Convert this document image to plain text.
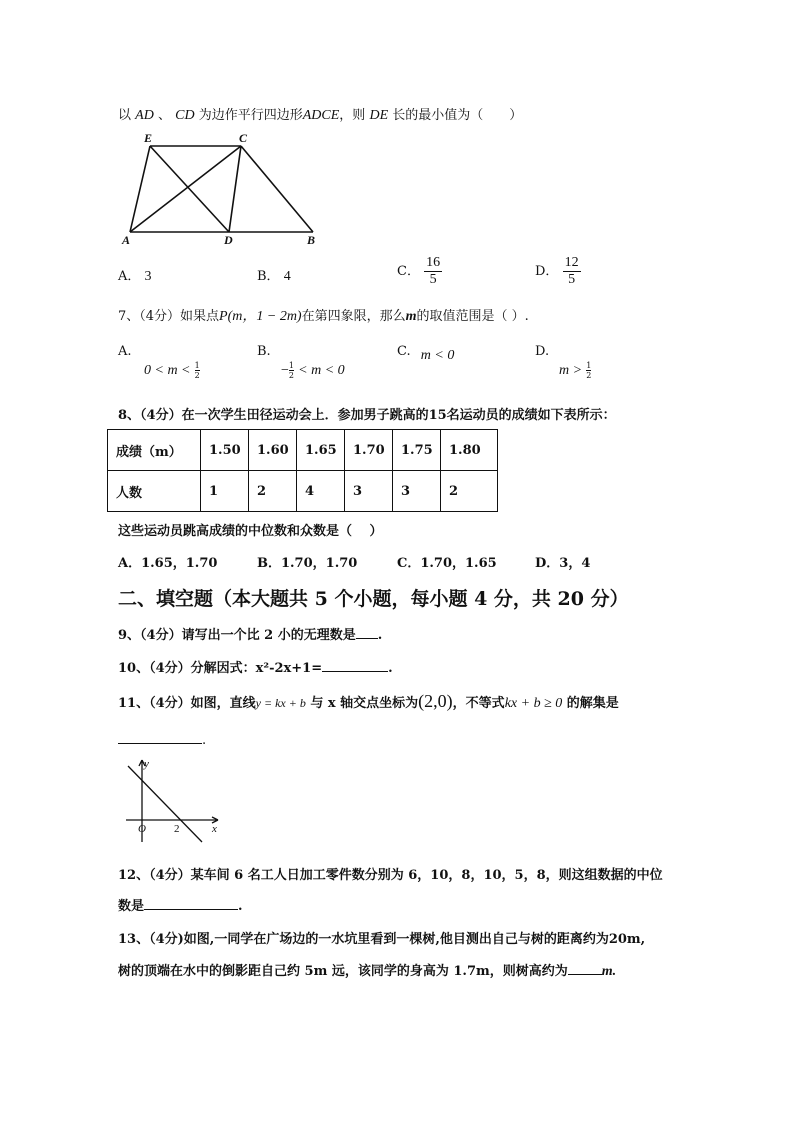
以 AD 、 CD 为边作平行四边形ADCE，则 DE 长的最小值为（　　）
E	C
A	D	B
A． 3	B． 4	C． $\frac{16}{5}$	D． $\frac{12}{5}$
7、（4分）如果点P(m，1 − 2m)在第四象限，那么m的取值范围是（ ）.
A.
$0 < m < \frac{1}{2}$
B.
− $\frac{1}{2} < m < 0$
C. m < 0	D.
$m > \frac{1}{2}$
8、（4分）在一次学生田径运动会上．参加男子跳高的15名运动员的成绩如下表所示：
成绩（m）	1.50	1.60	1.65	1.70	1.75	1.80
人数	1	2	4	3	3	2
这些运动员跳高成绩的中位数和众数是（　 ）
A．1.65，1.70	B．1.70，1.70	C．1.70，1.65	D．3，4
二、填空题（本大题共 5 个小题，每小题 4 分，共 20 分）
9、（4分）请写出一个比 2 小的无理数是 .
10、（4分）分解因式：x²-2x+1=	.
11、（4分）如图，直线y = kx + b 与 x 轴交点坐标为(2,0)，不等式kx + b ≥ 0 的解集是
.
y
O	2	x
12、（4分）某车间 6 名工人日加工零件数分别为 6，10，8，10，5，8，则这组数据的中位
数是	.
13、（4分)如图,一同学在广场边的一水坑里看到一棵树,他目测出自己与树的距离约为20m,
树的顶端在水中的倒影距自己约 5m 远，该同学的身高为 1.7m，则树高约为 m.
